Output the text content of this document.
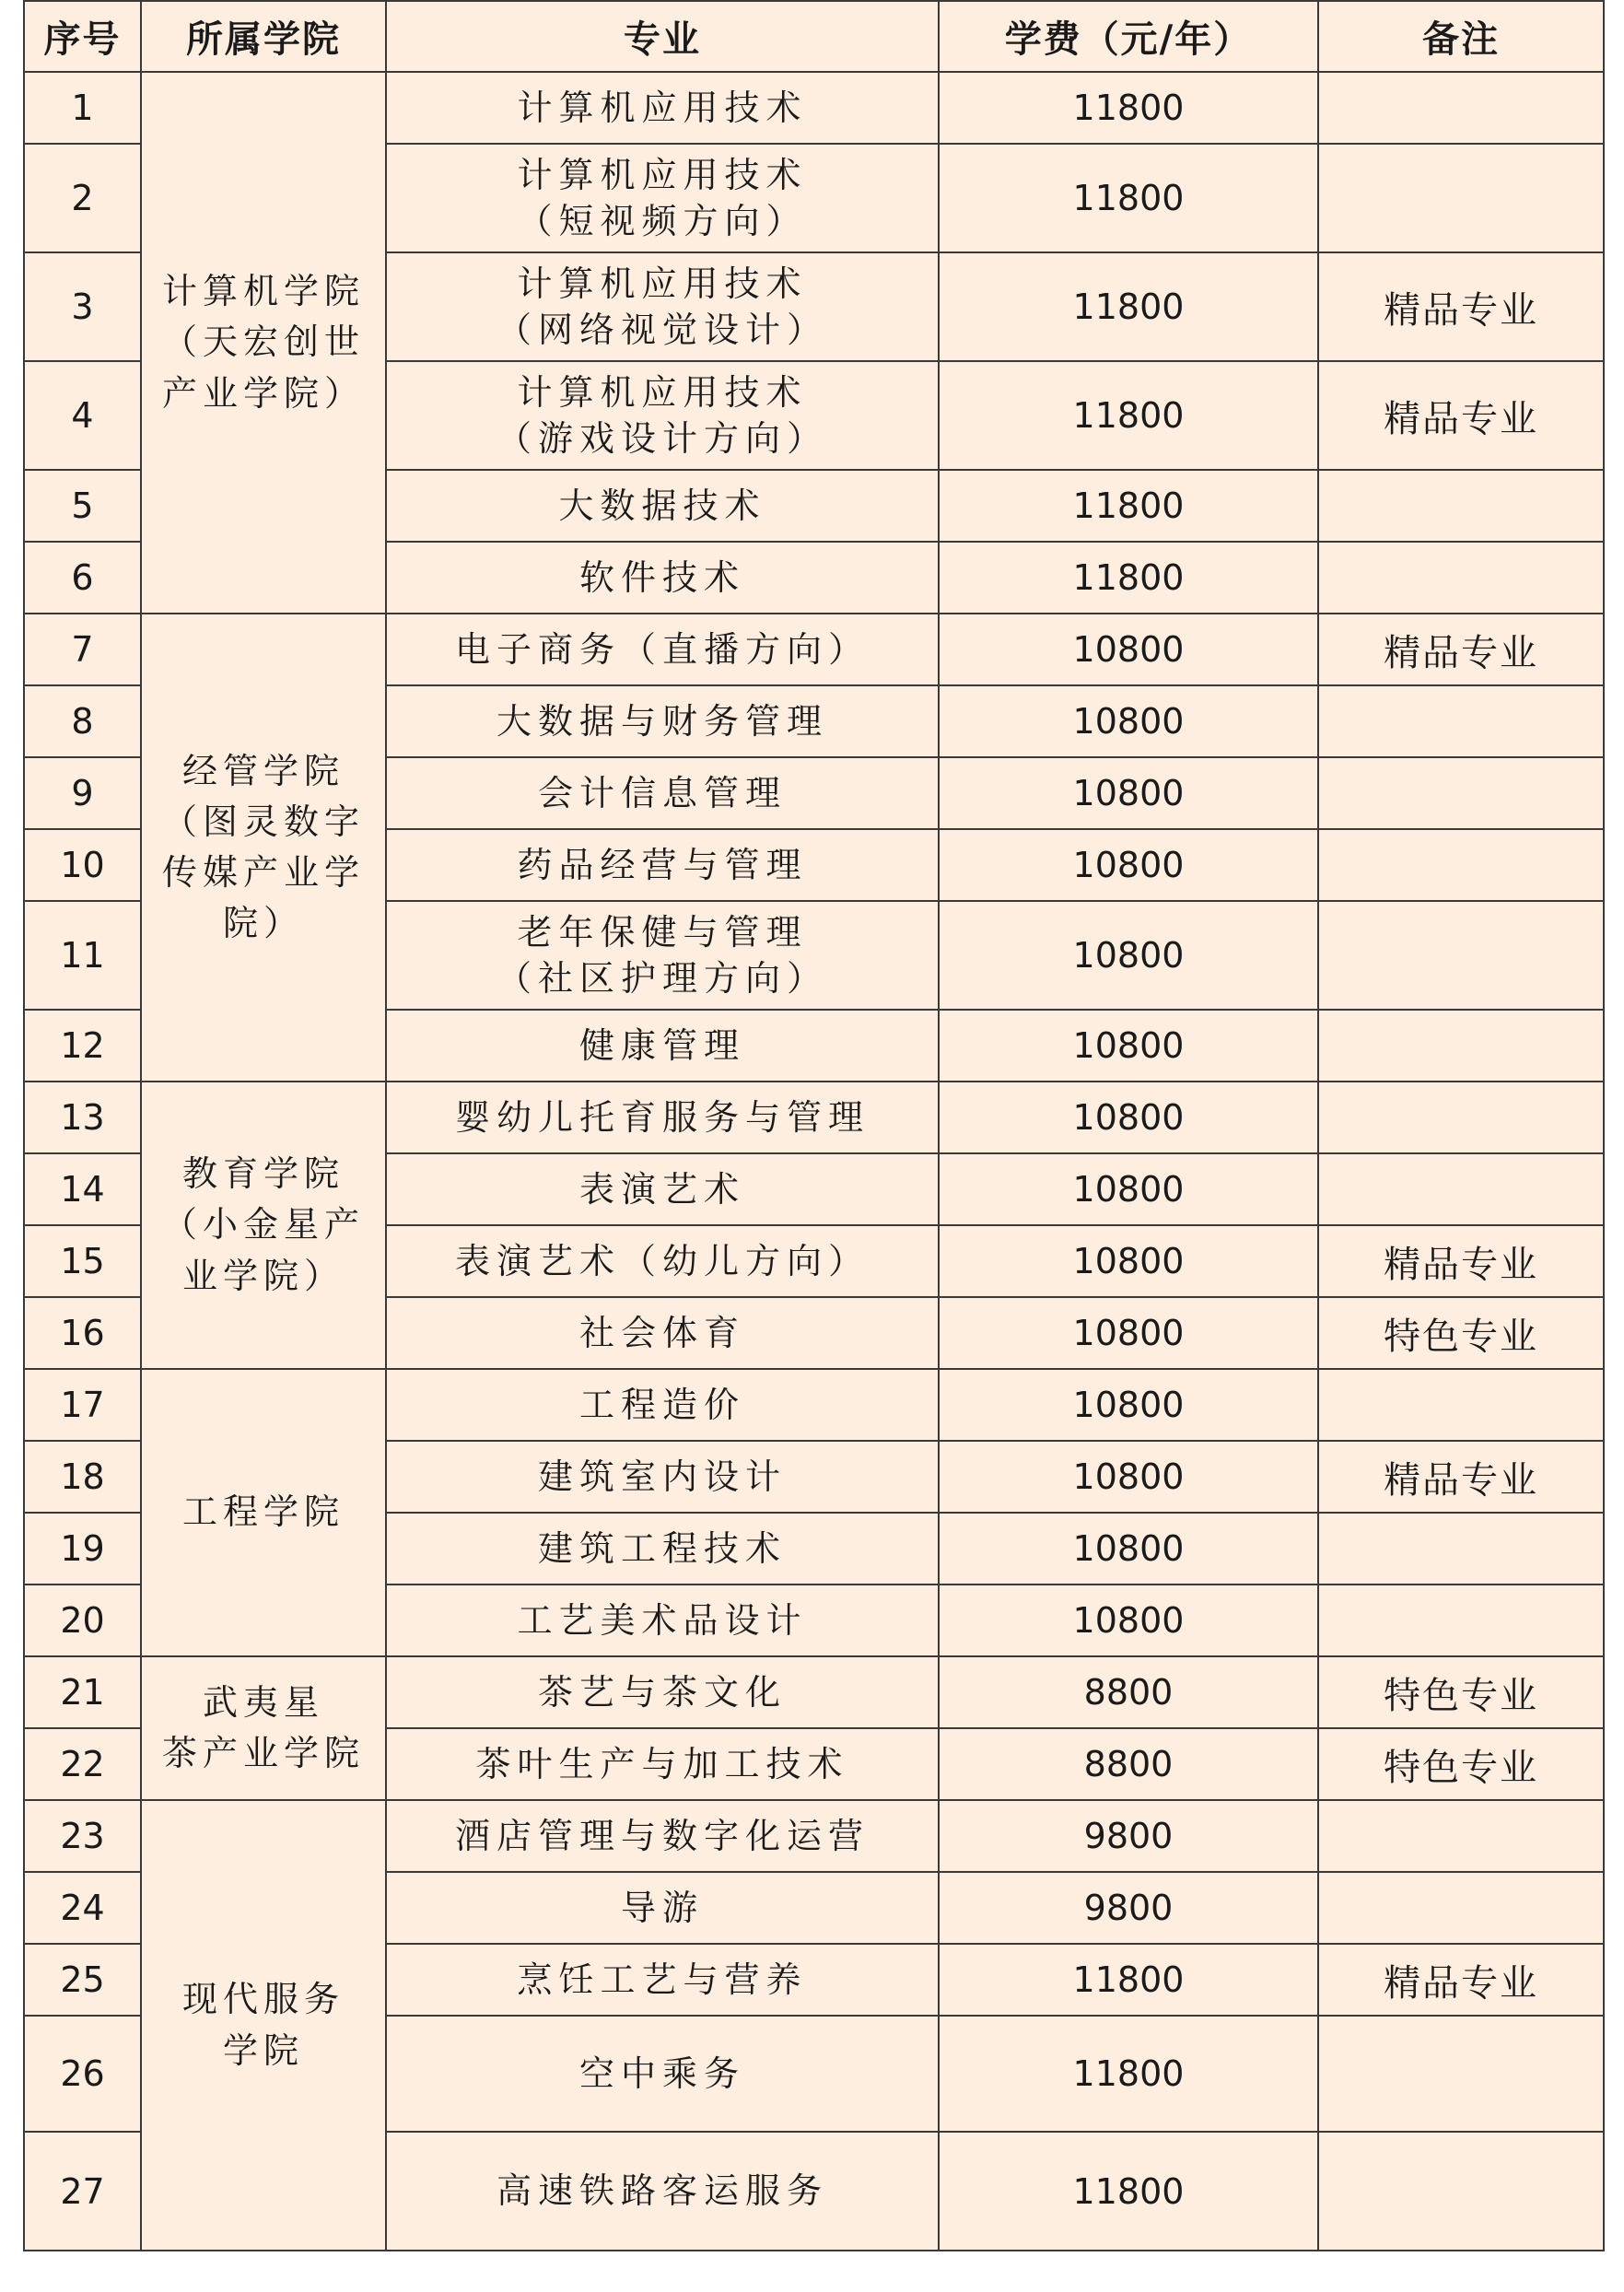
序号	所属学院	专业	学费（元/年）	备注
1	计算机学院
（天宏创世
产业学院）	计算机应用技术	11800	
2		计算机应用技术
（短视频方向）	11800	
3		计算机应用技术
（网络视觉设计）	11800	精品专业
4		计算机应用技术
（游戏设计方向）	11800	精品专业
5		大数据技术	11800	
6		软件技术	11800	
7	经管学院
（图灵数字
传媒产业学
院）	电子商务（直播方向）	10800	精品专业
8		大数据与财务管理	10800	
9		会计信息管理	10800	
10		药品经营与管理	10800	
11		老年保健与管理
（社区护理方向）	10800	
12		健康管理	10800	
13	教育学院
（小金星产
业学院）	婴幼儿托育服务与管理	10800	
14		表演艺术	10800	
15		表演艺术（幼儿方向）	10800	精品专业
16		社会体育	10800	特色专业
17	工程学院	工程造价	10800	
18		建筑室内设计	10800	精品专业
19		建筑工程技术	10800	
20		工艺美术品设计	10800	
21	武夷星
茶产业学院	茶艺与茶文化	8800	特色专业
22		茶叶生产与加工技术	8800	特色专业
23	现代服务
学院	酒店管理与数字化运营	9800	
24		导游	9800	
25		烹饪工艺与营养	11800	精品专业
26		空中乘务	11800	
27		高速铁路客运服务	11800	
